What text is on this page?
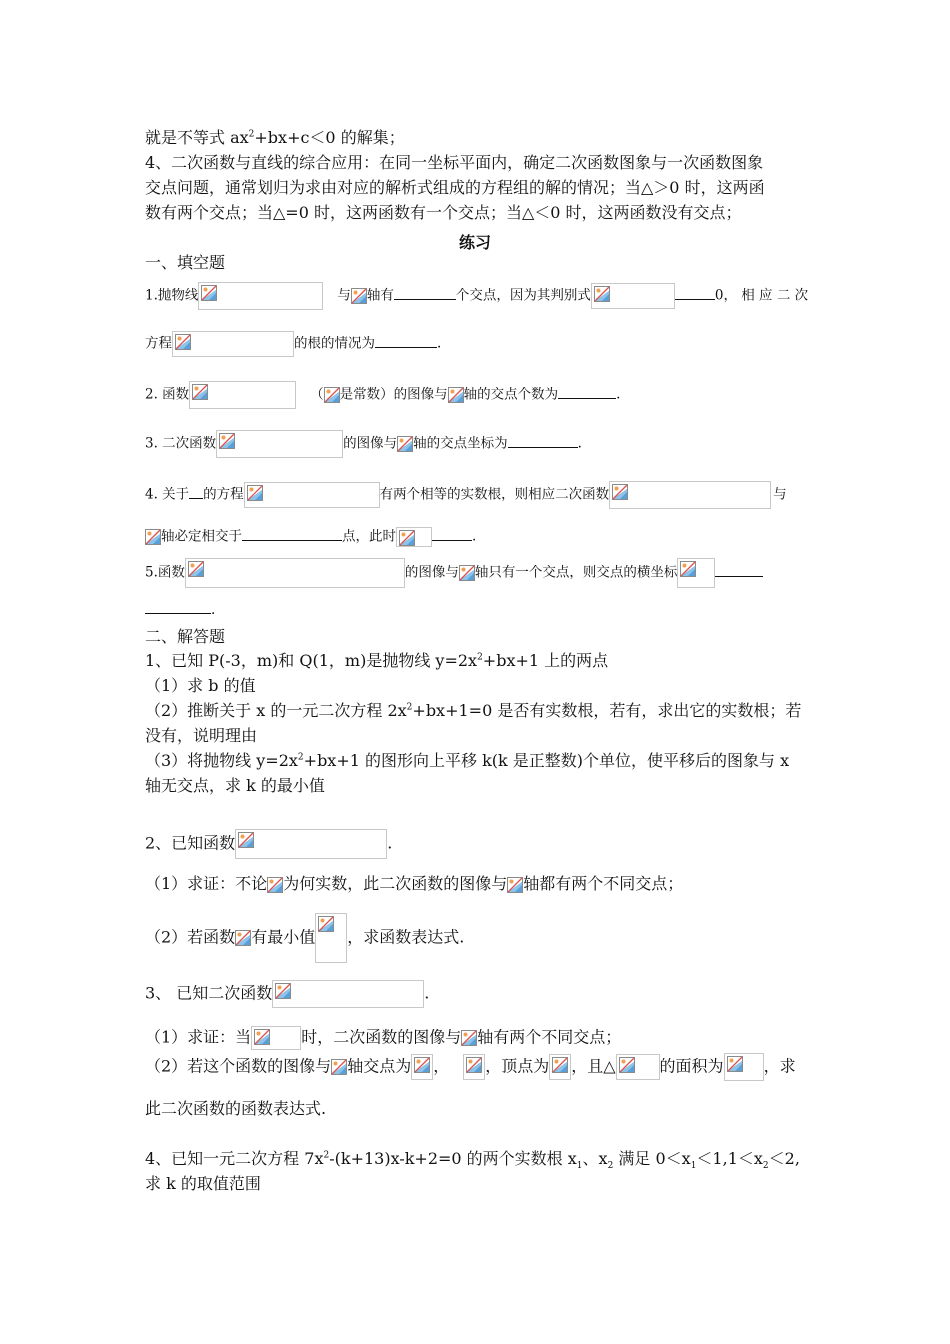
就是不等式 $ax^2+bx+c<0$ 的解集；
4、二次函数与直线的综合应用：在同一坐标平面内，确定二次函数图象与一次函数图象
交点问题，通常划归为求由对应的解析式组成的方程组的解的情况；当△＞0 时，这两函
数有两个交点；当△=0 时，这两函数有一个交点；当△＜0 时，这两函数没有交点；
练习
一、填空题
1.抛物线	与 轴有	个交点，因为其判别式	0， 相 应 二 次
方程	的根的情况为	.
2. 函数	（ 是常数）的图像与 轴的交点个数为	.
3. 二次函数	的图像与 轴的交点坐标为	.
4. 关于 的方程	有两个相等的实数根，则相应二次函数	与
轴必定相交于	点，此时	.
5.函数	的图像与 轴只有一个交点，则交点的横坐标
.
二、解答题
1、已知 P(-3，m)和 Q(1，m)是抛物线 $y=2x^2+bx+1$ 上的两点
（1）求 b 的值
（2）推断关于 x 的一元二次方程 $2x^2+bx+1=0$ 是否有实数根，若有，求出它的实数根；若
没有，说明理由
（3）将抛物线 $y=2x^2+bx+1$ 的图形向上平移 k(k 是正整数)个单位，使平移后的图象与 x
轴无交点，求 k 的最小值
2、已知函数	.
（1）求证：不论 为何实数，此二次函数的图像与 轴都有两个不同交点；
（2）若函数 有最小值 ，求函数表达式.
3、 已知二次函数	.
（1）求证：当	时，二次函数的图像与 轴有两个不同交点；
（2）若这个函数的图像与 轴交点为 ， ，顶点为 ，且△	的面积为	，求
此二次函数的函数表达式.
4、已知一元二次方程 $7x^2-(k+13)x-k+2=0$ 的两个实数根 $x_1$、$x_2$ 满足 $0<x_1<1,1<x_2<2$,
求 k 的取值范围
